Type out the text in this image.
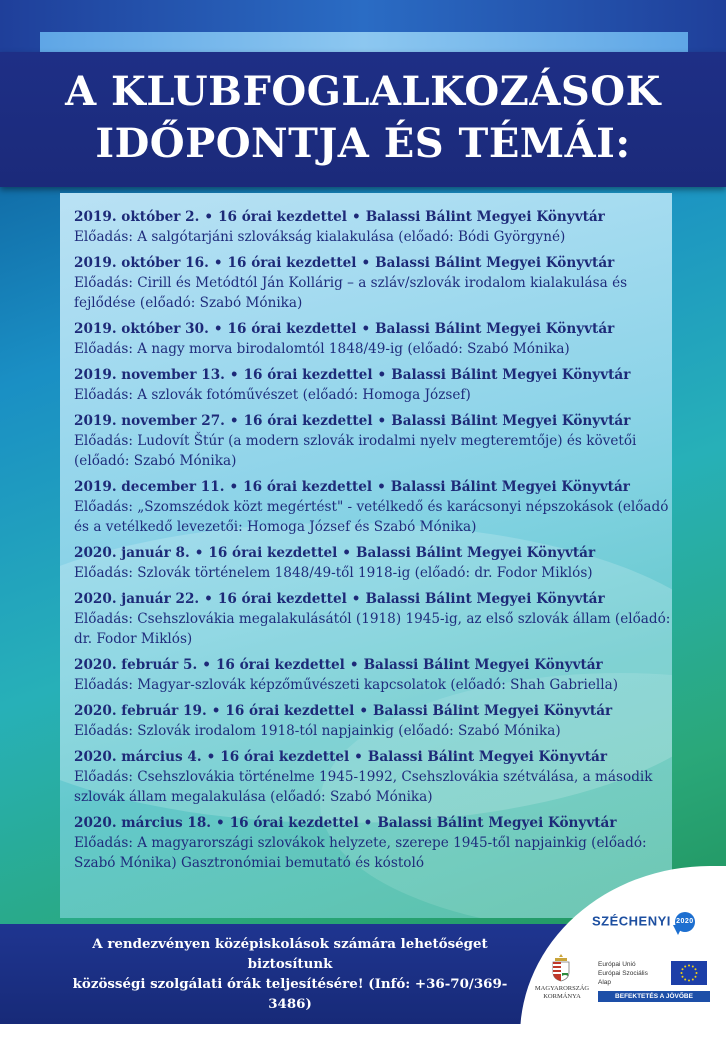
A KLUBFOGLALKOZÁSOK
IDŐPONTJA ÉS TÉMÁI:
2019. október 2. • 16 órai kezdettel • Balassi Bálint Megyei Könyvtár
Előadás: A salgótarjáni szlovákság kialakulása (előadó: Bódi Györgyné)
2019. október 16. • 16 órai kezdettel • Balassi Bálint Megyei Könyvtár
Előadás: Cirill és Metódtól Ján Kollárig – a szláv/szlovák irodalom kialakulása és fejlődése (előadó: Szabó Mónika)
2019. október 30. • 16 órai kezdettel • Balassi Bálint Megyei Könyvtár
Előadás: A nagy morva birodalomtól 1848/49-ig (előadó: Szabó Mónika)
2019. november 13. • 16 órai kezdettel • Balassi Bálint Megyei Könyvtár
Előadás: A szlovák fotóművészet (előadó: Homoga József)
2019. november 27. • 16 órai kezdettel • Balassi Bálint Megyei Könyvtár
Előadás: Ludovít Štúr (a modern szlovák irodalmi nyelv megteremtője) és követői (előadó: Szabó Mónika)
2019. december 11. • 16 órai kezdettel • Balassi Bálint Megyei Könyvtár
Előadás: „Szomszédok közt megértést" - vetélkedő és karácsonyi népszokások (előadó és a vetélkedő levezetői: Homoga József és Szabó Mónika)
2020. január 8. • 16 órai kezdettel • Balassi Bálint Megyei Könyvtár
Előadás: Szlovák történelem 1848/49-től 1918-ig (előadó: dr. Fodor Miklós)
2020. január 22. • 16 órai kezdettel • Balassi Bálint Megyei Könyvtár
Előadás: Csehszlovákia megalakulásától (1918) 1945-ig, az első szlovák állam (előadó: dr. Fodor Miklós)
2020. február 5. • 16 órai kezdettel • Balassi Bálint Megyei Könyvtár
Előadás: Magyar-szlovák képzőművészeti kapcsolatok (előadó: Shah Gabriella)
2020. február 19. • 16 órai kezdettel • Balassi Bálint Megyei Könyvtár
Előadás: Szlovák irodalom 1918-tól napjainkig (előadó: Szabó Mónika)
2020. március 4. • 16 órai kezdettel • Balassi Bálint Megyei Könyvtár
Előadás: Csehszlovákia történelme 1945-1992, Csehszlovákia szétválása, a második szlovák állam megalakulása (előadó: Szabó Mónika)
2020. március 18. • 16 órai kezdettel • Balassi Bálint Megyei Könyvtár
Előadás: A magyarországi szlovákok helyzete, szerepe 1945-től napjainkig (előadó: Szabó Mónika) Gasztronómiai bemutató és kóstoló
A rendezvényen középiskolások számára lehetőséget biztosítunk
közösségi szolgálati órák teljesítésére! (Infó: +36-70/369-3486)
SZÉCHENYI 2020
MAGYARORSZÁG
KORMÁNYA
Európai Unió
Európai Szociális
Alap
BEFEKTETÉS A JÖVŐBE
